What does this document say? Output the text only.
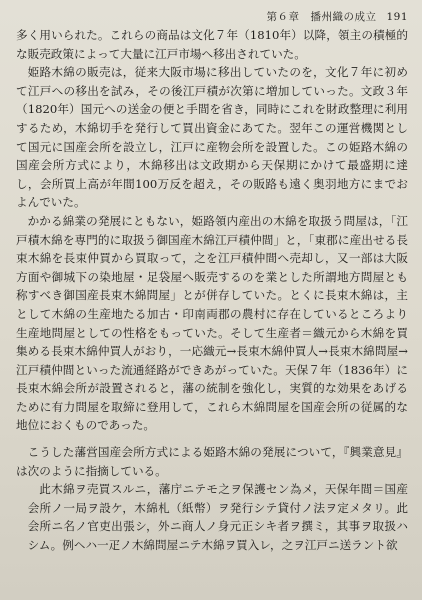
第６章　播州織の成立 191

多く用いられた。これらの商品は文化７年（1810年）以降，領主の積極的な販売政策によって大量に江戸市場へ移出されていた。

姫路木綿の販売は，従来大阪市場に移出していたのを，文化７年に初めて江戸への移出を試み，その後江戸積が次第に増加していった。文政３年（1820年）国元への送金の便と手間を省き，同時にこれを財政整理に利用するため，木綿切手を発行して買出資金にあてた。翌年この運営機関として国元に国産会所を設立し，江戸に産物会所を設置した。この姫路木綿の国産会所方式により，木綿移出は文政期から天保期にかけて最盛期に達し，会所買上高が年間100万反を超え，その販路も遠く奥羽地方にまでおよんでいた。

かかる綿業の発展にともない，姫路領内産出の木綿を取扱う問屋は，「江戸積木綿を専門的に取扱う御国産木綿江戸積仲間」と，「東郡に産出せる長束木綿を長束仲買から買取って，之を江戸積仲間へ売却し，又一部は大阪方面や御城下の染地屋・足袋屋へ販売するのを業とした所謂地方問屋とも称すべき御国産長束木綿問屋」とが併存していた。とくに長束木綿は，主として木綿の生産地たる加古・印南両郡の農村に存在しているところより生産地問屋としての性格をもっていた。そして生産者＝織元から木綿を買集める長束木綿仲買人がおり，一応織元→長束木綿仲買人→長束木綿問屋→江戸積仲間といった流通経路ができあがっていた。天保７年（1836年）に長束木綿会所が設置されると，藩の統制を強化し，実質的な効果をあげるために有力問屋を取締に登用して，これら木綿問屋を国産会所の従属的な地位におくものであった。

こうした藩営国産会所方式による姫路木綿の発展について，『興業意見』は次のように指摘している。

此木綿ヲ売買スルニ，藩庁ニテモ之ヲ保護セン為メ，天保年間＝国産会所ノ一局ヲ設ケ，木綿札（紙幣）ヲ発行シテ貸付ノ法ヲ定メタリ。此会所ニ名ノ官吏出張シ，外ニ商人ノ身元正シキ者ヲ撰ミ，其事ヲ取扱ハシム。例ヘハ一疋ノ木綿問屋ニテ木綿ヲ買入レ，之ヲ江戸ニ送ラント欲
